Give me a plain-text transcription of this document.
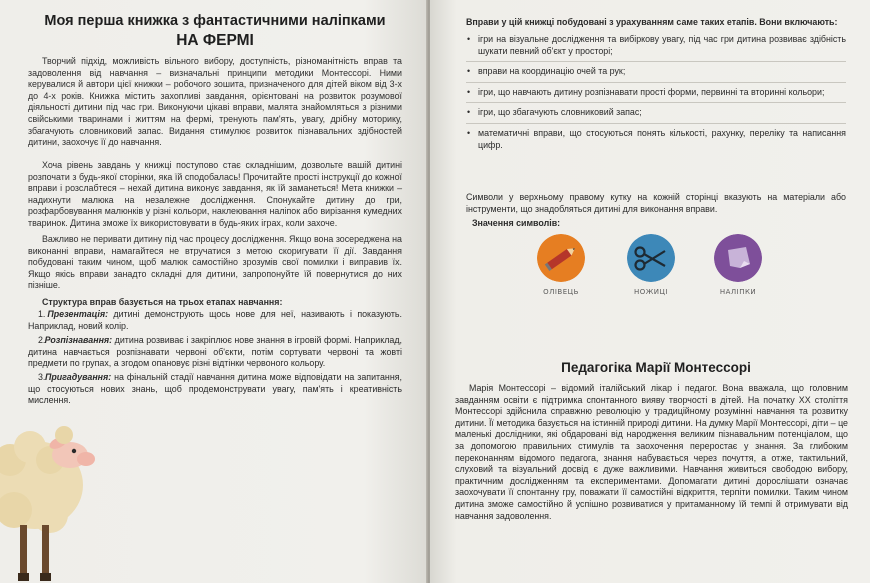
Моя перша книжка з фантастичними наліпками
НА ФЕРМІ

Творчий підхід, можливість вільного вибору, доступність, різноманітність вправ та задоволення від навчання – визначальні принципи методики Монтессорі. Ними керувалися й автори цієї книжки – робочого зошита, призначеного для дітей віком від 3-х до 4-х років. Книжка містить захопливі завдання, орієнтовані на розвиток розумової діяльності дитини під час гри. Виконуючи цікаві вправи, малята знайомляться з різними свійськими тваринами і життям на фермі, тренують пам'ять, увагу, дрібну моторику, збагачують словниковий запас. Видання стимулює розвиток пізнавальних здібностей дитини, заохочує її до навчання.

Хоча рівень завдань у книжці поступово стає складнішим, дозвольте вашій дитині розпочати з будь-якої сторінки, яка їй сподобалась! Прочитайте прості інструкції до кожної вправи і розслабтеся – нехай дитина виконує завдання, як їй заманеться! Мета книжки – надихнути малюка на незалежне дослідження. Спонукайте дитину до гри, розфарбовування малюнків у різні кольори, наклеювання наліпок або вирізання кумедних тваринок. Дитина зможе їх використовувати в будь-яких іграх, коли захоче.

Важливо не перивати дитину під час процесу дослідження. Якщо вона зосереджена на виконанні вправи, намагайтеся не втручатися з метою скоригувати її дії. Завдання побудовані таким чином, щоб малюк самостійно зрозумів свої помилки і виправив їх. Якщо якісь вправи занадто складні для дитини, запропонуйте їй повернутися до них пізніше.

Структура вправ базується на трьох етапах навчання:
1. Презентація: дитині демонструють щось нове для неї, називають і показують. Наприклад, новий колір.
2. Розпізнавання: дитина розвиває і закріплює нове знання в ігровій формі. Наприклад, дитина навчається розпізнавати червоні об'єкти, потім сортувати червоні та жовті предмети по групах, а згодом опановує різні відтінки червоного кольору.
3. Пригадування: на фінальній стадії навчання дитина може відповідати на запитання, що стосуються нових знань, щоб продемонструвати увагу, пам'ять і креативність мислення.
Вправи у цій книжці побудовані з урахуванням саме таких етапів. Вони включають:
• ігри на візуальне дослідження та вибіркову увагу, під час гри дитина розвиває здібність шукати певний об'єкт у просторі;
• вправи на координацію очей та рук;
• ігри, що навчають дитину розпізнавати прості форми, первинні та вторинні кольори;
• ігри, що збагачують словниковий запас;
• математичні вправи, що стосуються понять кількості, рахунку, переліку та написання цифр.
Символи у верхньому правому кутку на кожній сторінці вказують на матеріали або інструменти, що знадобляться дитині для виконання вправи.
Значення символів:
ОЛІВЕЦЬ	НОЖИЦІ	НАЛІПКИ
Педагогіка Марії Монтессорі

Марія Монтессорі – відомий італійський лікар і педагог. Вона вважала, що головним завданням освіти є підтримка спонтанного вияву творчості в дітей. На початку XX століття Монтессорі здійснила справжню революцію у традиційному розумінні навчання та розвитку дитини. Її методика базується на істинній природі дитини. На думку Марії Монтессорі, діти – це маленькі дослідники, які обдаровані від народження великим пізнавальним потенціалом, що за допомогою правильних стимулів та заохочення переростає у знання. За глибоким переконанням відомого педагога, знання набувається через почуття, а отже, тактильний, слуховий та візуальний досвід є дуже важливими. Навчання живиться свободою вибору, практичним дослідженням та експериментами. Допомагати дитині дорослішати означає заохочувати її спонтанну гру, поважати її самостійні відкриття, терпіти помилки. Таким чином дитина зможе самостійно й успішно розвиватися у притаманному їй темпі й отримувати від навчання задоволення.
